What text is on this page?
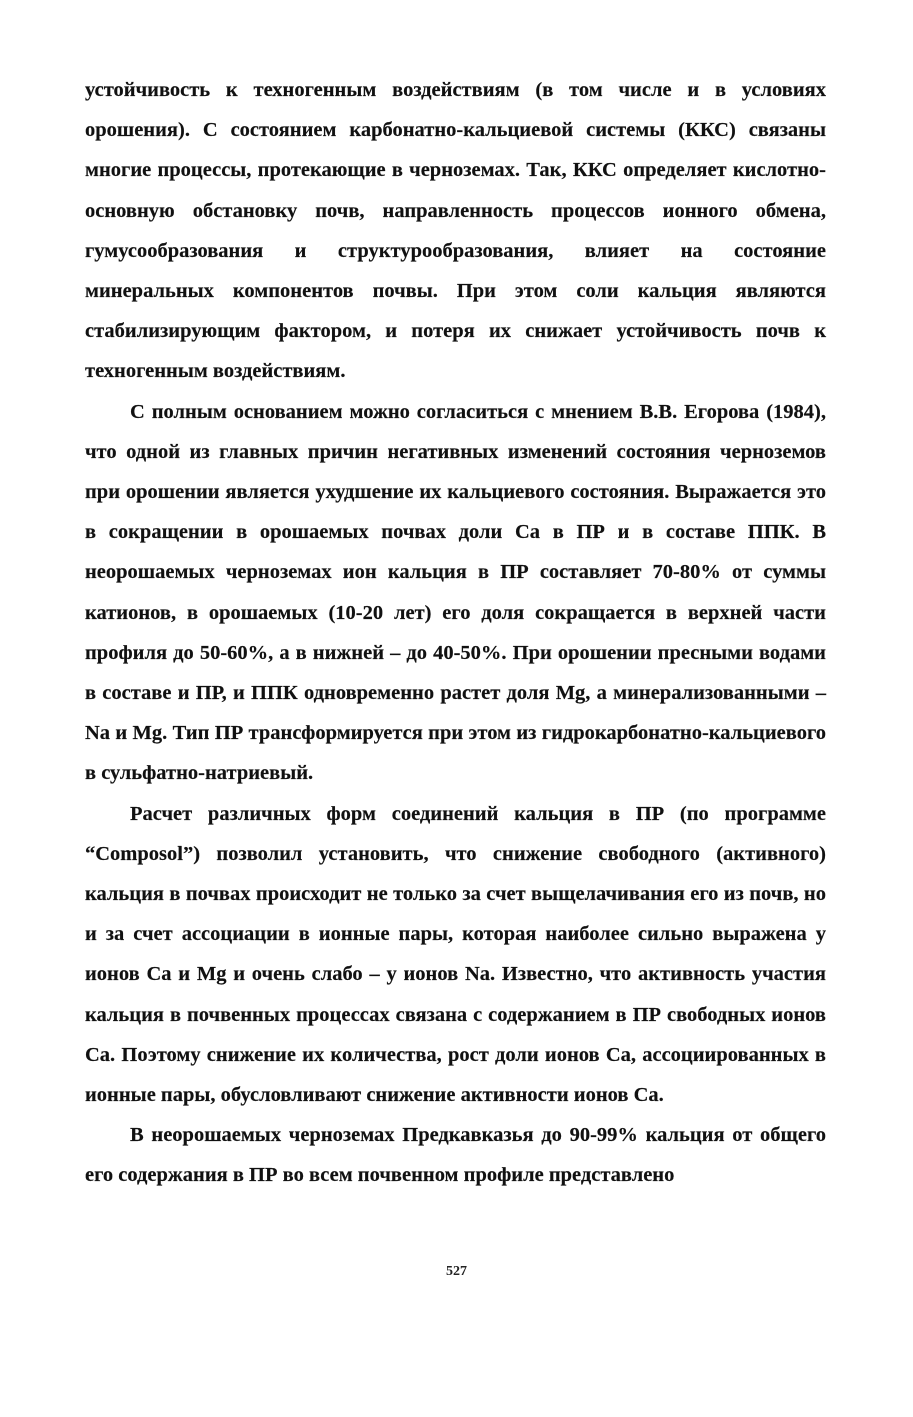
устойчивость к техногенным воздействиям (в том числе и в условиях орошения). С состоянием карбонатно-кальциевой системы (ККС) связаны многие процессы, протекающие в черноземах. Так, ККС определяет кислотно-основную обстановку почв, направленность процессов ионного обмена, гумусообразования и структурообразования, влияет на состояние минеральных компонентов почвы. При этом соли кальция являются стабилизирующим фактором, и потеря их снижает устойчивость почв к техногенным воздействиям.

С полным основанием можно согласиться с мнением В.В. Егорова (1984), что одной из главных причин негативных изменений состояния черноземов при орошении является ухудшение их кальциевого состояния. Выражается это в сокращении в орошаемых почвах доли Са в ПР и в составе ППК. В неорошаемых черноземах ион кальция в ПР составляет 70-80% от суммы катионов, в орошаемых (10-20 лет) его доля сокращается в верхней части профиля до 50-60%, а в нижней – до 40-50%. При орошении пресными водами в составе и ПР, и ППК одновременно растет доля Mg, а минерализованными – Na и Mg. Тип ПР трансформируется при этом из гидрокарбонатно-кальциевого в сульфатно-натриевый.

Расчет различных форм соединений кальция в ПР (по программе “Composol”) позволил установить, что снижение свободного (активного) кальция в почвах происходит не только за счет выщелачивания его из почв, но и за счет ассоциации в ионные пары, которая наиболее сильно выражена у ионов Са и Mg и очень слабо – у ионов Na. Известно, что активность участия кальция в почвенных процессах связана с содержанием в ПР свободных ионов Са. Поэтому снижение их количества, рост доли ионов Са, ассоциированных в ионные пары, обусловливают снижение активности ионов Са.

В неорошаемых черноземах Предкавказья до 90-99% кальция от общего его содержания в ПР во всем почвенном профиле представлено

527
